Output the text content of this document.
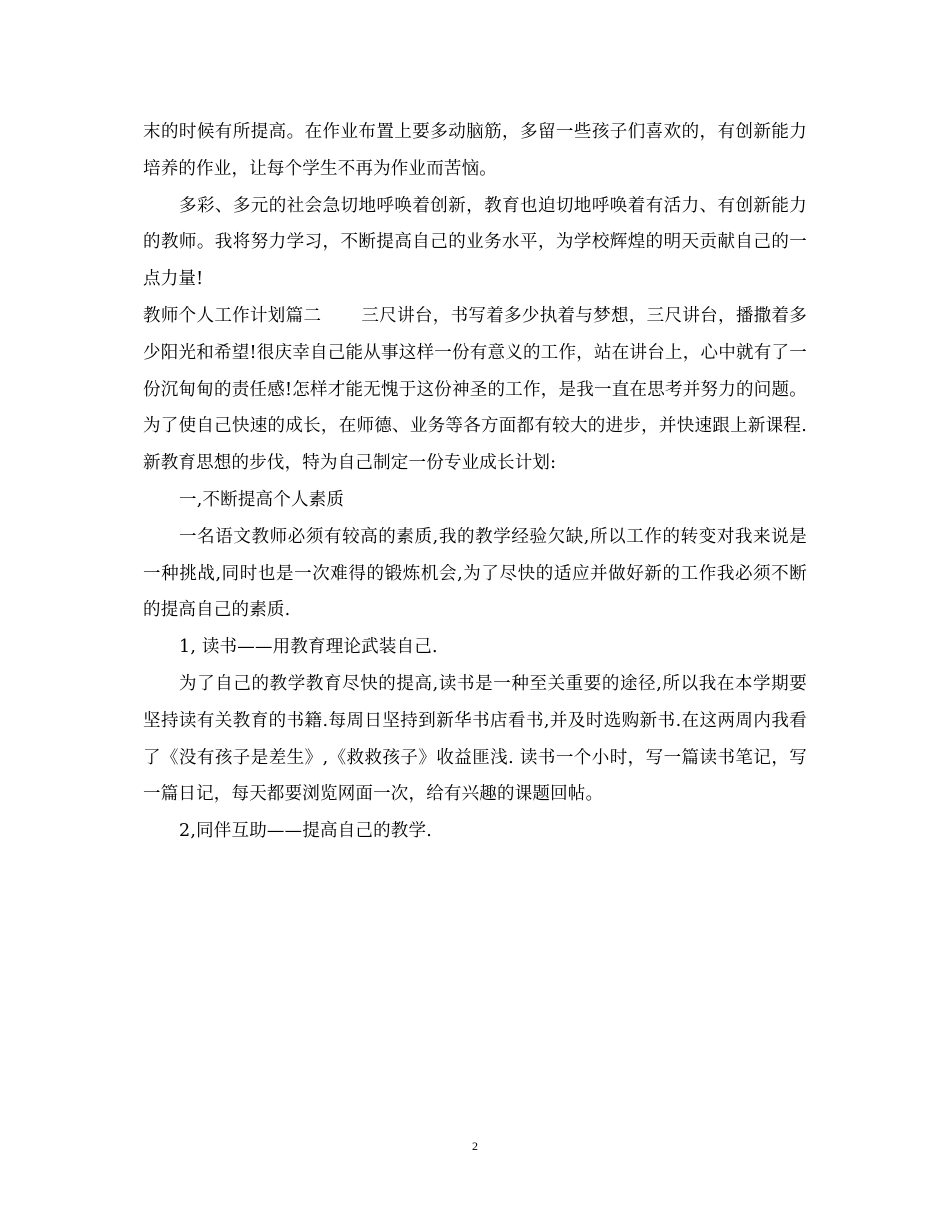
末的时候有所提高。在作业布置上要多动脑筋，多留一些孩子们喜欢的，有创新能力培养的作业，让每个学生不再为作业而苦恼。

多彩、多元的社会急切地呼唤着创新，教育也迫切地呼唤着有活力、有创新能力的教师。我将努力学习，不断提高自己的业务水平，为学校辉煌的明天贡献自己的一点力量!

教师个人工作计划篇二 三尺讲台，书写着多少执着与梦想，三尺讲台，播撒着多少阳光和希望!很庆幸自己能从事这样一份有意义的工作，站在讲台上，心中就有了一份沉甸甸的责任感!怎样才能无愧于这份神圣的工作，是我一直在思考并努力的问题。为了使自己快速的成长，在师德、业务等各方面都有较大的进步，并快速跟上新课程.新教育思想的步伐，特为自己制定一份专业成长计划:

一,不断提高个人素质

一名语文教师必须有较高的素质,我的教学经验欠缺,所以工作的转变对我来说是一种挑战,同时也是一次难得的锻炼机会,为了尽快的适应并做好新的工作我必须不断的提高自己的素质.

1, 读书——用教育理论武装自己.

为了自己的教学教育尽快的提高,读书是一种至关重要的途径,所以我在本学期要坚持读有关教育的书籍.每周日坚持到新华书店看书,并及时选购新书.在这两周内我看了《没有孩子是差生》,《救救孩子》收益匪浅. 读书一个小时，写一篇读书笔记，写一篇日记，每天都要浏览网面一次，给有兴趣的课题回帖。

2,同伴互助——提高自己的教学.

2
